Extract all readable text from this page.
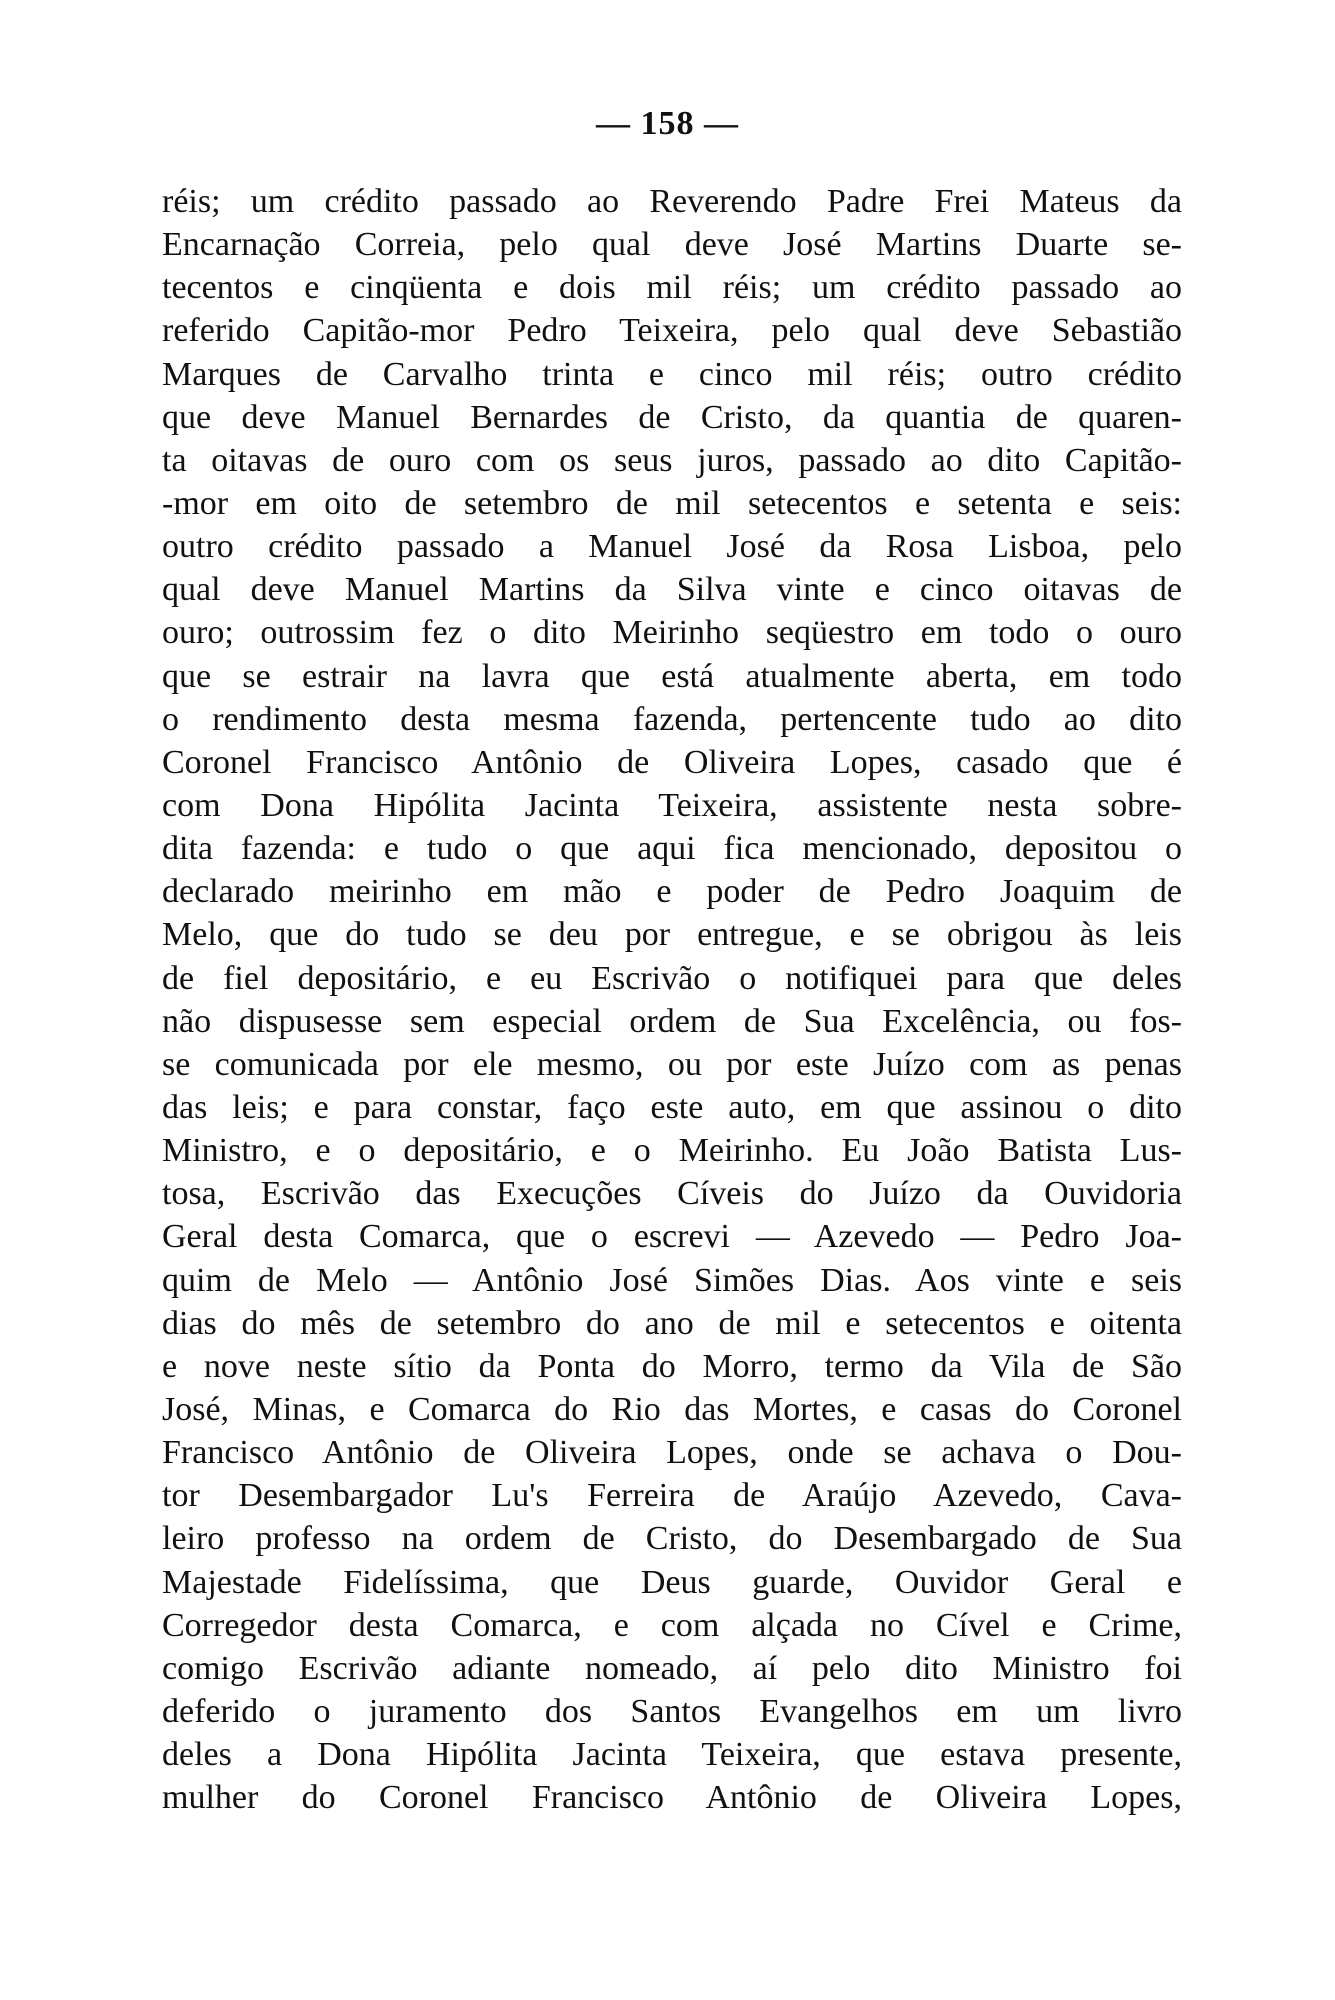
— 158 —
réis; um crédito passado ao Reverendo Padre Frei Mateus da
Encarnação Correia, pelo qual deve José Martins Duarte se-
tecentos e cinqüenta e dois mil réis; um crédito passado ao
referido Capitão-mor Pedro Teixeira, pelo qual deve Sebastião
Marques de Carvalho trinta e cinco mil réis; outro crédito
que deve Manuel Bernardes de Cristo, da quantia de quaren-
ta oitavas de ouro com os seus juros, passado ao dito Capitão-
-mor em oito de setembro de mil setecentos e setenta e seis:
outro crédito passado a Manuel José da Rosa Lisboa, pelo
qual deve Manuel Martins da Silva vinte e cinco oitavas de
ouro; outrossim fez o dito Meirinho seqüestro em todo o ouro
que se estrair na lavra que está atualmente aberta, em todo
o rendimento desta mesma fazenda, pertencente tudo ao dito
Coronel Francisco Antônio de Oliveira Lopes, casado que é
com Dona Hipólita Jacinta Teixeira, assistente nesta sobre-
dita fazenda: e tudo o que aqui fica mencionado, depositou o
declarado meirinho em mão e poder de Pedro Joaquim de
Melo, que do tudo se deu por entregue, e se obrigou às leis
de fiel depositário, e eu Escrivão o notifiquei para que deles
não dispusesse sem especial ordem de Sua Excelência, ou fos-
se comunicada por ele mesmo, ou por este Juízo com as penas
das leis; e para constar, faço este auto, em que assinou o dito
Ministro, e o depositário, e o Meirinho. Eu João Batista Lus-
tosa, Escrivão das Execuções Cíveis do Juízo da Ouvidoria
Geral desta Comarca, que o escrevi — Azevedo — Pedro Joa-
quim de Melo — Antônio José Simões Dias. Aos vinte e seis
dias do mês de setembro do ano de mil e setecentos e oitenta
e nove neste sítio da Ponta do Morro, termo da Vila de São
José, Minas, e Comarca do Rio das Mortes, e casas do Coronel
Francisco Antônio de Oliveira Lopes, onde se achava o Dou-
tor Desembargador Lu's Ferreira de Araújo Azevedo, Cava-
leiro professo na ordem de Cristo, do Desembargado de Sua
Majestade Fidelíssima, que Deus guarde, Ouvidor Geral e
Corregedor desta Comarca, e com alçada no Cível e Crime,
comigo Escrivão adiante nomeado, aí pelo dito Ministro foi
deferido o juramento dos Santos Evangelhos em um livro
deles a Dona Hipólita Jacinta Teixeira, que estava presente,
mulher do Coronel Francisco Antônio de Oliveira Lopes,
